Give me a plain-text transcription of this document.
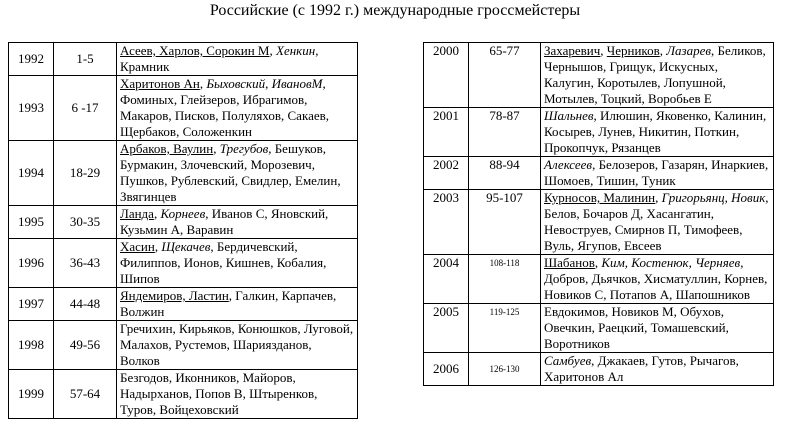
Российские (с 1992 г.) международные гроссмейстеры
1992	1-5	Асеев, Харлов, Сорокин М, Хенкин, Крамник
1993	6 -17	Харитонов Ан, Быховский, ИвановМ, Фоминых, Глейзеров, Ибрагимов, Макаров, Писков, Полуляхов, Сакаев, Щербаков, Соложенкин
1994	18-29	Арбаков, Ваулин, Трегубов, Бешуков, Бурмакин, Злочевский, Морозевич, Пушков, Рублевский, Свидлер, Емелин, Звягинцев
1995	30-35	Ланда, Корнеев, Иванов С, Яновский, Кузьмин А, Варавин
1996	36-43	Хасин, Щекачев, Бердичевский, Филиппов, Ионов, Кишнев, Кобалия, Шипов
1997	44-48	Яндемиров, Ластин, Галкин, Карпачев, Волжин
1998	49-56	Гречихин, Кирьяков, Конюшков, Луговой, Малахов, Рустемов, Шариязданов, Волков
1999	57-64	Безгодов, Иконников, Майоров, Надырханов, Попов В, Штыренков, Туров, Войцеховский
2000	65-77	Захаревич, Черников, Лазарев, Беликов, Чернышов, Грищук, Искусных, Калугин, Коротылев, Лопушной, Мотылев, Тоцкий, Воробьев Е
2001	78-87	Шальнев, Илюшин, Яковенко, Калинин, Косырев, Лунев, Никитин, Поткин, Прокопчук, Рязанцев
2002	88-94	Алексеев, Белозеров, Газарян, Инаркиев, Шомоев, Тишин, Туник
2003	95-107	Курносов, Малинин, Григорьянц, Новик, Белов, Бочаров Д, Хасангатин, Невоструев, Смирнов П, Тимофеев, Вуль, Ягупов, Евсеев
2004	108-118	Шабанов, Ким, Костенюк, Черняев, Добров, Дьячков, Хисматуллин, Корнев, Новиков С, Потапов А, Шапошников
2005	119-125	Евдокимов, Новиков М, Обухов, Овечкин, Раецкий, Томашевский, Воротников
2006	126-130	Самбуев, Джакаев, Гутов, Рычагов, Харитонов Ал
